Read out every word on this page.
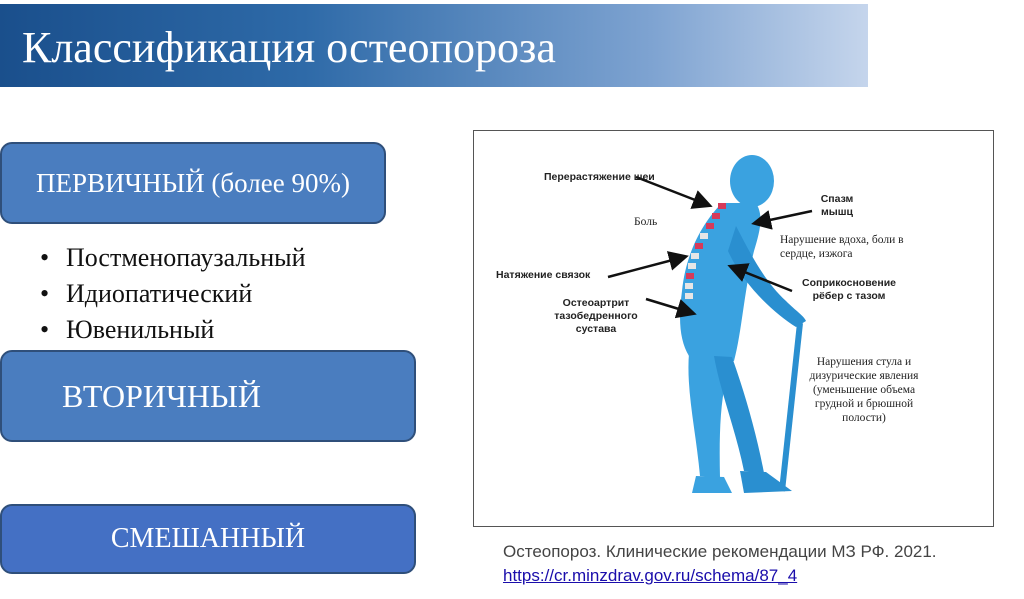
Классификация остеопороза
ПЕРВИЧНЫЙ (более 90%)
• Постменопаузальный
• Идиопатический
• Ювенильный
ВТОРИЧНЫЙ
СМЕШАННЫЙ
Перерастяжение шеи
Боль
Спазм мышц
Нарушение вдоха, боли в сердце, изжога
Натяжение связок
Соприкосновение рёбер с тазом
Остеоартрит тазобедренного сустава
Нарушения стула и дизурические явления (уменьшение объема грудной и брюшной полости)
Остеопороз. Клинические рекомендации МЗ РФ. 2021.
https://cr.minzdrav.gov.ru/schema/87_4
